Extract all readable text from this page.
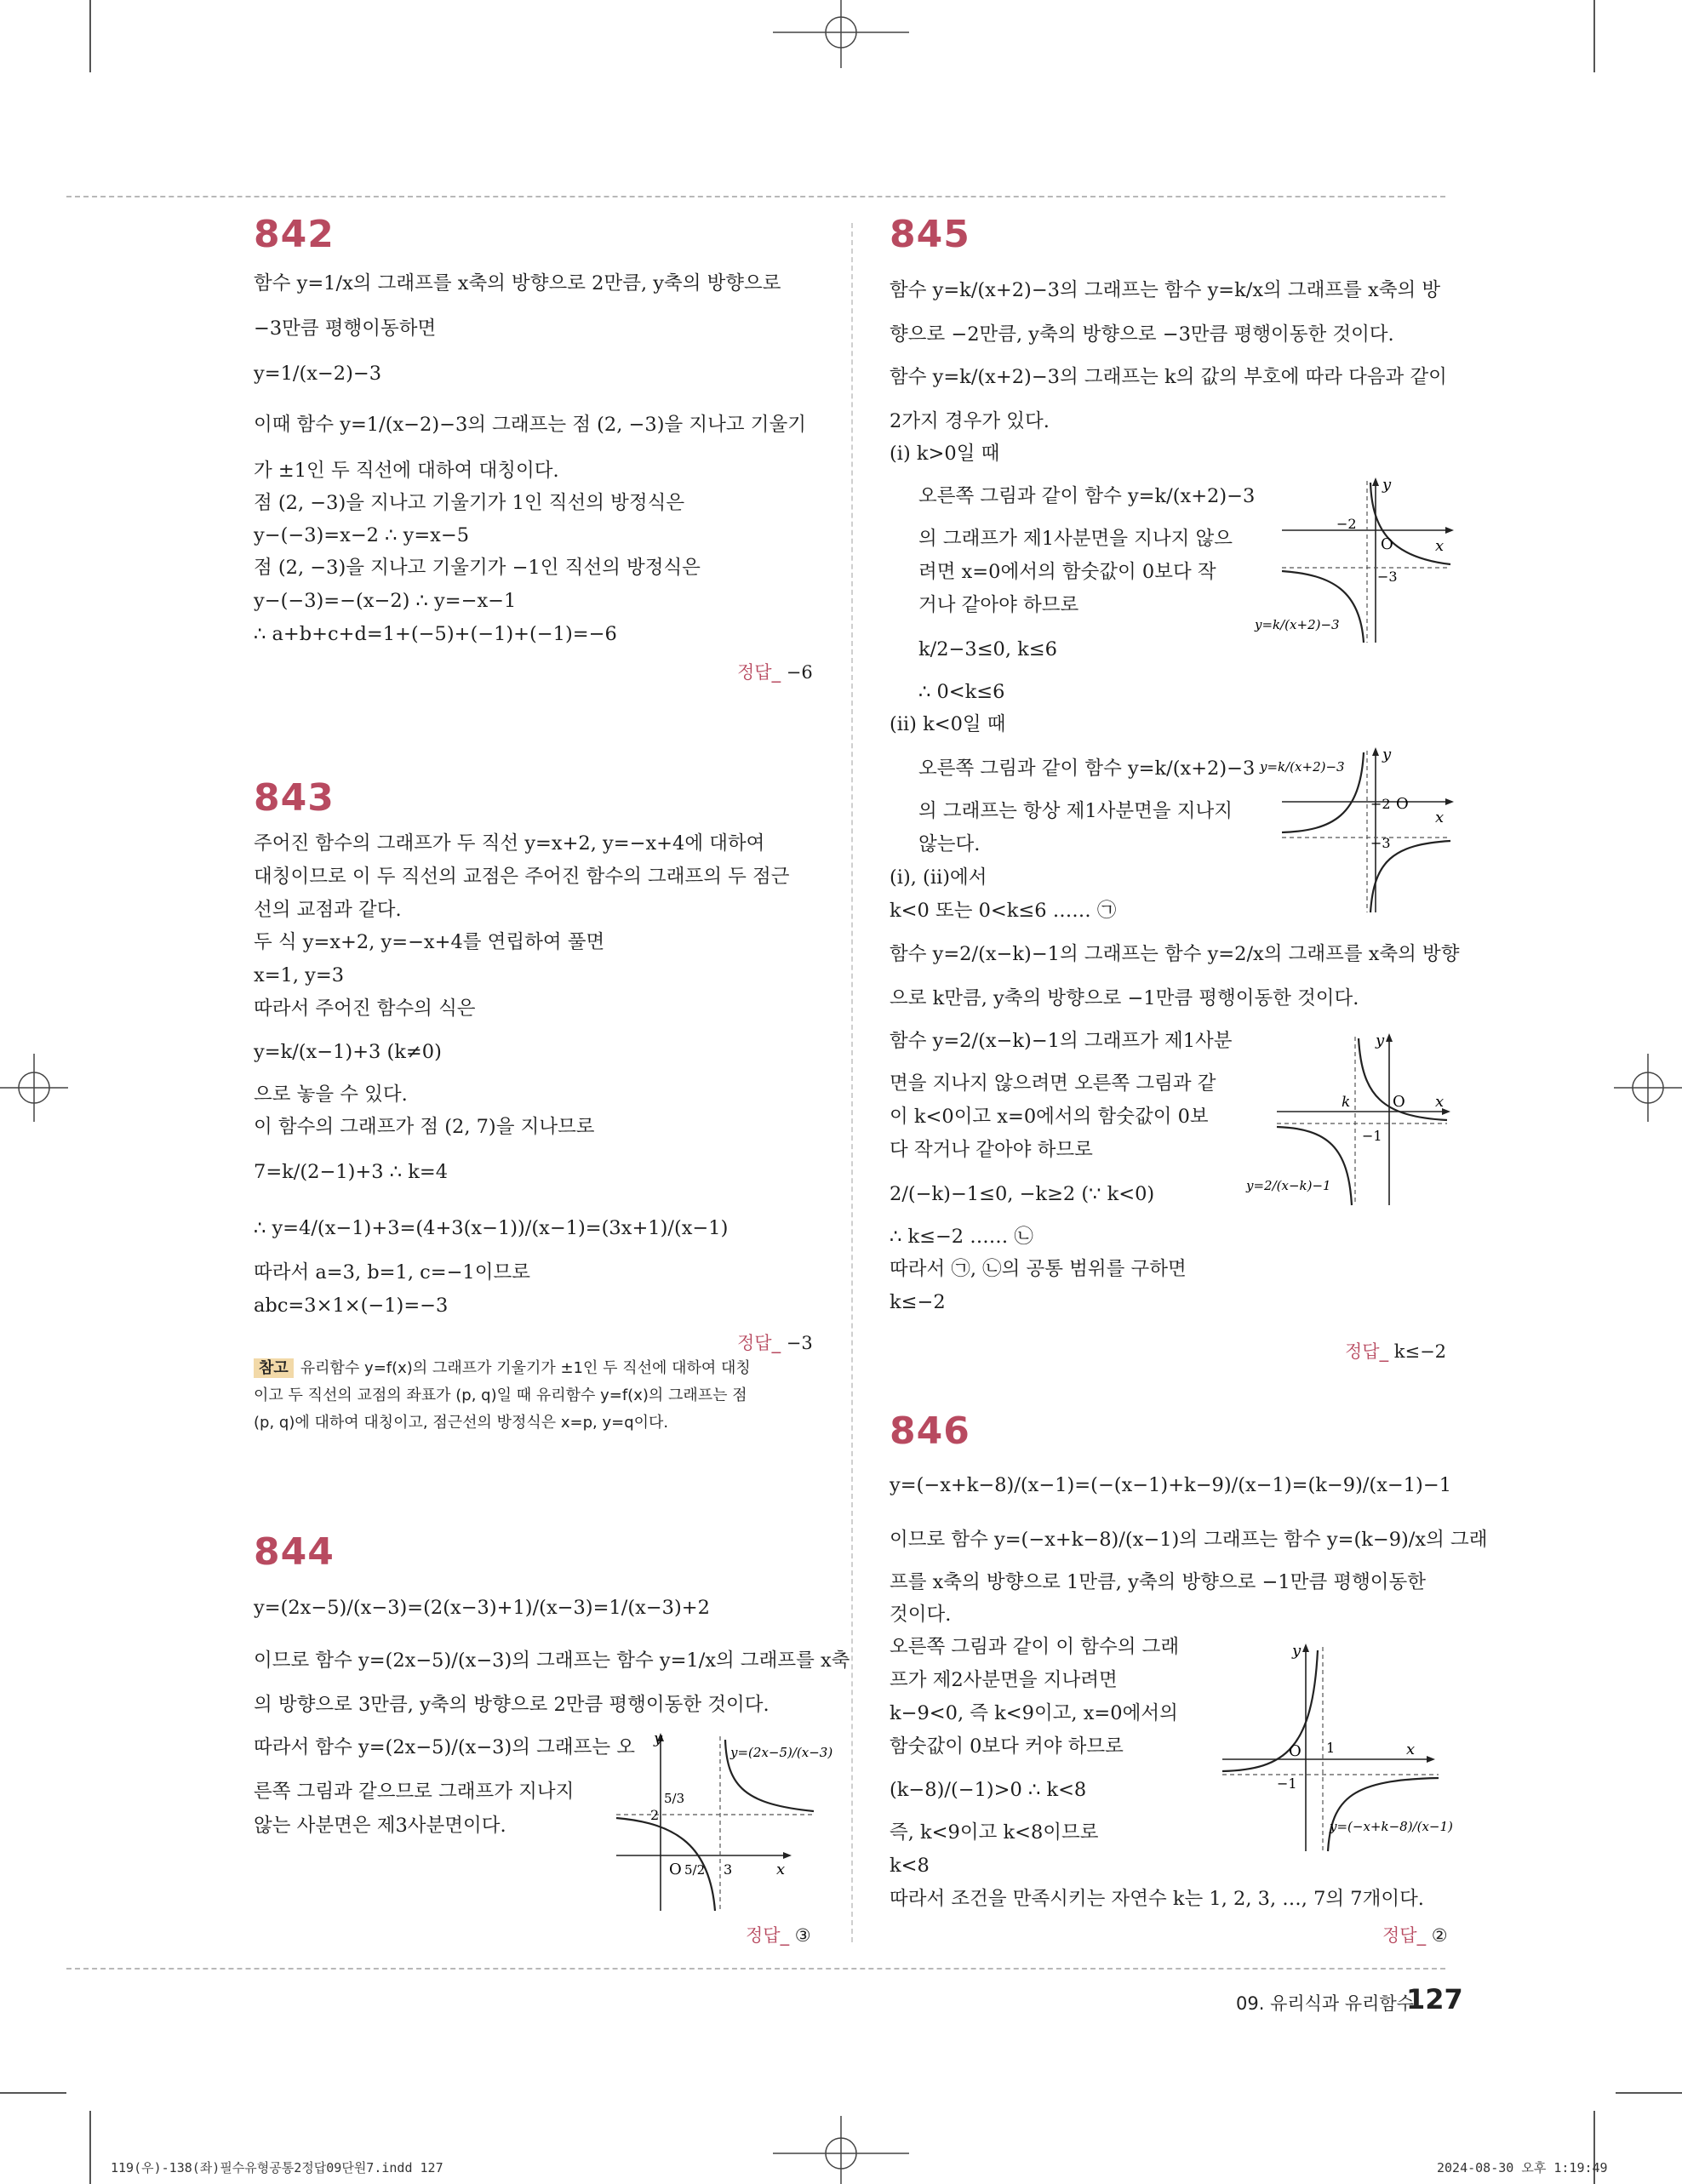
842
함수 y=1/x의 그래프를 x축의 방향으로 2만큼, y축의 방향으로
−3만큼 평행이동하면
y=1/(x−2)−3
이때 함수 y=1/(x−2)−3의 그래프는 점 (2, −3)을 지나고 기울기
가 ±1인 두 직선에 대하여 대칭이다.
점 (2, −3)을 지나고 기울기가 1인 직선의 방정식은
y−(−3)=x−2 ∴ y=x−5
점 (2, −3)을 지나고 기울기가 −1인 직선의 방정식은
y−(−3)=−(x−2) ∴ y=−x−1
∴ a+b+c+d=1+(−5)+(−1)+(−1)=−6
정답_ −6
843
주어진 함수의 그래프가 두 직선 y=x+2, y=−x+4에 대하여
대칭이므로 이 두 직선의 교점은 주어진 함수의 그래프의 두 점근
선의 교점과 같다.
두 식 y=x+2, y=−x+4를 연립하여 풀면
x=1, y=3
따라서 주어진 함수의 식은
y=k/(x−1)+3 (k≠0)
으로 놓을 수 있다.
이 함수의 그래프가 점 (2, 7)을 지나므로
7=k/(2−1)+3 ∴ k=4
∴ y=4/(x−1)+3=(4+3(x−1))/(x−1)=(3x+1)/(x−1)
따라서 a=3, b=1, c=−1이므로
abc=3×1×(−1)=−3
정답_ −3
참고 유리함수 y=f(x)의 그래프가 기울기가 ±1인 두 직선에 대하여 대칭
이고 두 직선의 교점의 좌표가 (p, q)일 때 유리함수 y=f(x)의 그래프는 점
(p, q)에 대하여 대칭이고, 점근선의 방정식은 x=p, y=q이다.
844
y=(2x−5)/(x−3)=(2(x−3)+1)/(x−3)=1/(x−3)+2
이므로 함수 y=(2x−5)/(x−3)의 그래프는 함수 y=1/x의 그래프를 x축
의 방향으로 3만큼, y축의 방향으로 2만큼 평행이동한 것이다.
따라서 함수 y=(2x−5)/(x−3)의 그래프는 오
른쪽 그림과 같으므로 그래프가 지나지
않는 사분면은 제3사분면이다.
y
x
O
2
3
5/3
5/2
y=(2x−5)/(x−3)
정답_ ③
845
함수 y=k/(x+2)−3의 그래프는 함수 y=k/x의 그래프를 x축의 방
향으로 −2만큼, y축의 방향으로 −3만큼 평행이동한 것이다.
함수 y=k/(x+2)−3의 그래프는 k의 값의 부호에 따라 다음과 같이
2가지 경우가 있다.
(ⅰ) k>0일 때
오른쪽 그림과 같이 함수 y=k/(x+2)−3
의 그래프가 제1사분면을 지나지 않으
려면 x=0에서의 함숫값이 0보다 작
거나 같아야 하므로
k/2−3≤0, k≤6
∴ 0<k≤6
(ⅱ) k<0일 때
오른쪽 그림과 같이 함수 y=k/(x+2)−3
의 그래프는 항상 제1사분면을 지나지
않는다.
(ⅰ), (ⅱ)에서
k<0 또는 0<k≤6 …… ㉠
함수 y=2/(x−k)−1의 그래프는 함수 y=2/x의 그래프를 x축의 방향
으로 k만큼, y축의 방향으로 −1만큼 평행이동한 것이다.
함수 y=2/(x−k)−1의 그래프가 제1사분
면을 지나지 않으려면 오른쪽 그림과 같
이 k<0이고 x=0에서의 함숫값이 0보
다 작거나 같아야 하므로
2/(−k)−1≤0, −k≥2 (∵ k<0)
∴ k≤−2 …… ㉡
따라서 ㉠, ㉡의 공통 범위를 구하면
k≤−2
y
x
O
−2
−3
y=k/(x+2)−3
y
x
O
−2
−3
y=k/(x+2)−3
y
x
O
k
−1
y=2/(x−k)−1
정답_ k≤−2
846
y=(−x+k−8)/(x−1)=(−(x−1)+k−9)/(x−1)=(k−9)/(x−1)−1
이므로 함수 y=(−x+k−8)/(x−1)의 그래프는 함수 y=(k−9)/x의 그래
프를 x축의 방향으로 1만큼, y축의 방향으로 −1만큼 평행이동한
것이다.
오른쪽 그림과 같이 이 함수의 그래
프가 제2사분면을 지나려면
k−9<0, 즉 k<9이고, x=0에서의
함숫값이 0보다 커야 하므로
(k−8)/(−1)>0 ∴ k<8
즉, k<9이고 k<8이므로
k<8
따라서 조건을 만족시키는 자연수 k는 1, 2, 3, …, 7의 7개이다.
y
x
O 1
−1
y=(−x+k−8)/(x−1)
정답_ ②
09. 유리식과 유리함수
127
119(우)-138(좌)필수유형공통2정답09단원7.indd 127	2024-08-30 오후 1:19:49
